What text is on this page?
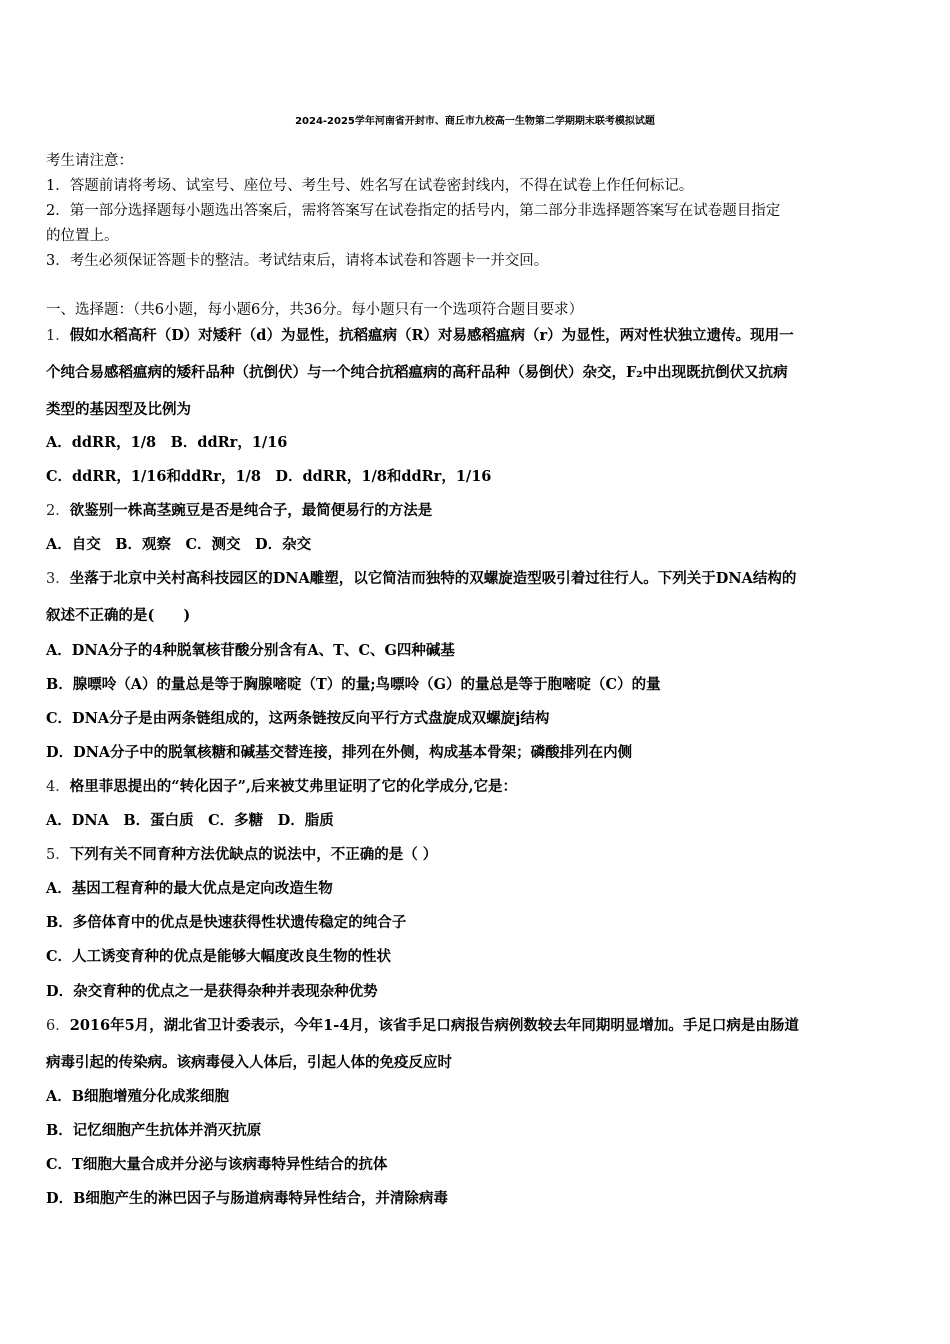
2024-2025学年河南省开封市、商丘市九校高一生物第二学期期末联考模拟试题
考生请注意：
1．答题前请将考场、试室号、座位号、考生号、姓名写在试卷密封线内，不得在试卷上作任何标记。
2．第一部分选择题每小题选出答案后，需将答案写在试卷指定的括号内，第二部分非选择题答案写在试卷题目指定
的位置上。
3．考生必须保证答题卡的整洁。考试结束后，请将本试卷和答题卡一并交回。
一、选择题：（共6小题，每小题6分，共36分。每小题只有一个选项符合题目要求）
1．假如水稻高秆（D）对矮秆（d）为显性，抗稻瘟病（R）对易感稻瘟病（r）为显性，两对性状独立遗传。现用一
个纯合易感稻瘟病的矮秆品种（抗倒伏）与一个纯合抗稻瘟病的高秆品种（易倒伏）杂交，F₂中出现既抗倒伏又抗病
类型的基因型及比例为
A．ddRR，1/8　B．ddRr，1/16
C．ddRR，1/16和ddRr，1/8　D．ddRR，1/8和ddRr，1/16
2．欲鉴别一株高茎豌豆是否是纯合子，最简便易行的方法是
A．自交　B．观察　C．测交　D．杂交
3．坐落于北京中关村高科技园区的DNA雕塑，以它简洁而独特的双螺旋造型吸引着过往行人。下列关于DNA结构的
叙述不正确的是(　　)
A．DNA分子的4种脱氧核苷酸分别含有A、T、C、G四种碱基
B．腺嘌呤（A）的量总是等于胸腺嘧啶（T）的量;鸟嘌呤（G）的量总是等于胞嘧啶（C）的量
C．DNA分子是由两条链组成的，这两条链按反向平行方式盘旋成双螺旋j结构
D．DNA分子中的脱氧核糖和碱基交替连接，排列在外侧，构成基本骨架；磷酸排列在内侧
4．格里菲思提出的“转化因子”,后来被艾弗里证明了它的化学成分,它是：
A．DNA　B．蛋白质　C．多糖　D．脂质
5．下列有关不同育种方法优缺点的说法中，不正确的是（ ）
A．基因工程育种的最大优点是定向改造生物
B．多倍体育中的优点是快速获得性状遗传稳定的纯合子
C．人工诱变育种的优点是能够大幅度改良生物的性状
D．杂交育种的优点之一是获得杂种并表现杂种优势
6．2016年5月，湖北省卫计委表示，今年1-4月，该省手足口病报告病例数较去年同期明显增加。手足口病是由肠道
病毒引起的传染病。该病毒侵入人体后，引起人体的免疫反应时
A．B细胞增殖分化成浆细胞
B．记忆细胞产生抗体并消灭抗原
C．T细胞大量合成并分泌与该病毒特异性结合的抗体
D．B细胞产生的淋巴因子与肠道病毒特异性结合，并清除病毒
